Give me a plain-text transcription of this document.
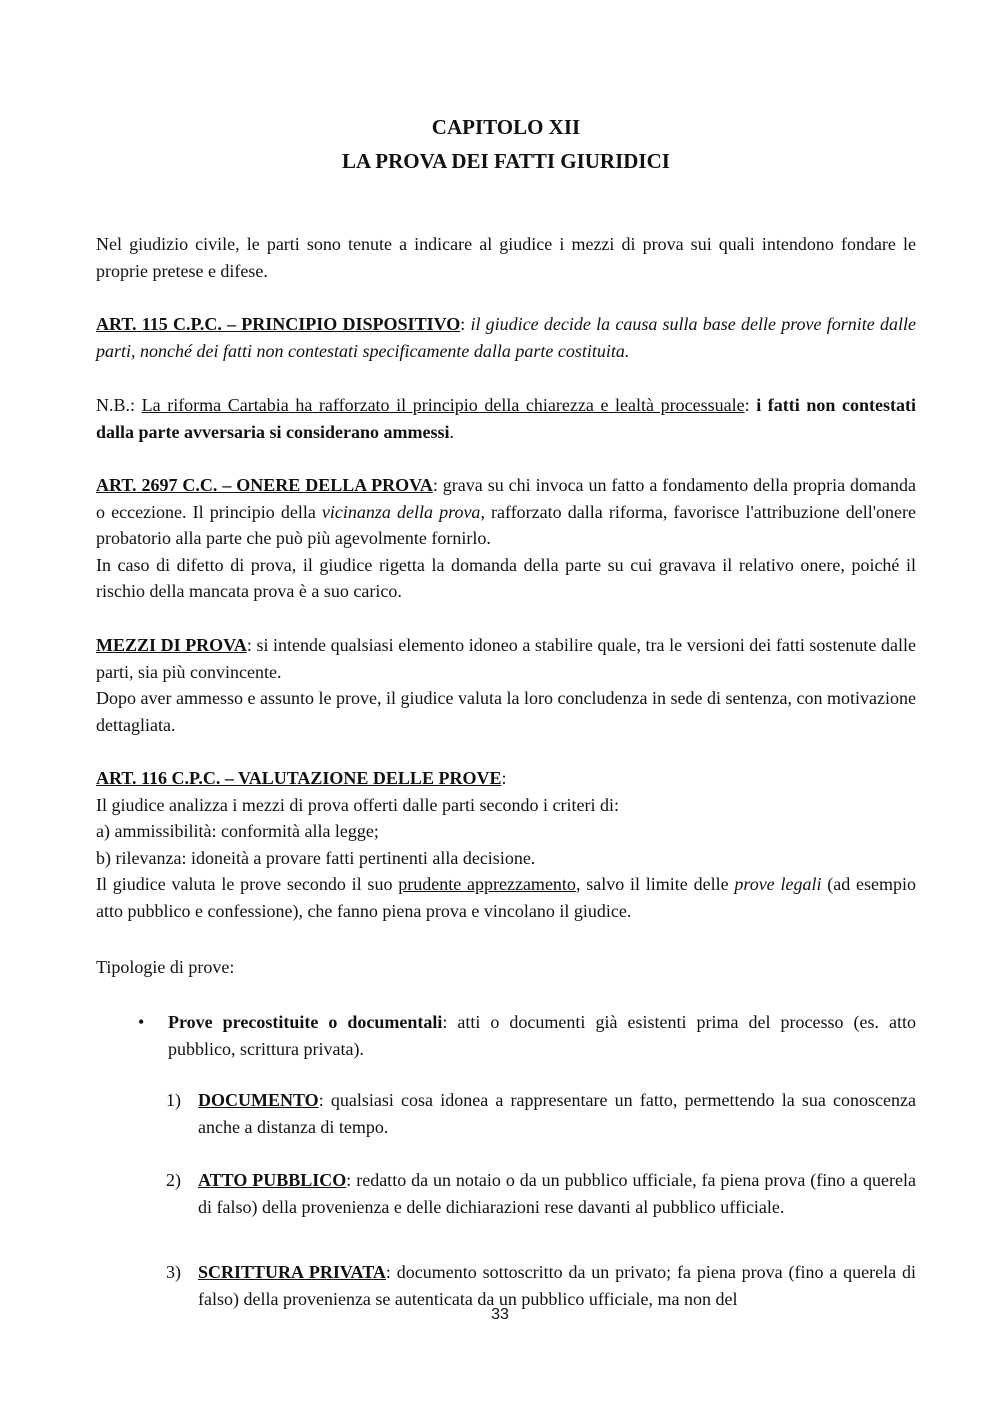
CAPITOLO XII
LA PROVA DEI FATTI GIURIDICI

Nel giudizio civile, le parti sono tenute a indicare al giudice i mezzi di prova sui quali intendono fondare le proprie pretese e difese.

ART. 115 C.P.C. – PRINCIPIO DISPOSITIVO: il giudice decide la causa sulla base delle prove fornite dalle parti, nonché dei fatti non contestati specificamente dalla parte costituita.

N.B.: La riforma Cartabia ha rafforzato il principio della chiarezza e lealtà processuale: i fatti non contestati dalla parte avversaria si considerano ammessi.

ART. 2697 C.C. – ONERE DELLA PROVA: grava su chi invoca un fatto a fondamento della propria domanda o eccezione. Il principio della vicinanza della prova, rafforzato dalla riforma, favorisce l'attribuzione dell'onere probatorio alla parte che può più agevolmente fornirlo.

In caso di difetto di prova, il giudice rigetta la domanda della parte su cui gravava il relativo onere, poiché il rischio della mancata prova è a suo carico.

MEZZI DI PROVA: si intende qualsiasi elemento idoneo a stabilire quale, tra le versioni dei fatti sostenute dalle parti, sia più convincente.

Dopo aver ammesso e assunto le prove, il giudice valuta la loro concludenza in sede di sentenza, con motivazione dettagliata.

ART. 116 C.P.C. – VALUTAZIONE DELLE PROVE:

Il giudice analizza i mezzi di prova offerti dalle parti secondo i criteri di:

a) ammissibilità: conformità alla legge;

b) rilevanza: idoneità a provare fatti pertinenti alla decisione.

Il giudice valuta le prove secondo il suo prudente apprezzamento, salvo il limite delle prove legali (ad esempio atto pubblico e confessione), che fanno piena prova e vincolano il giudice.

Tipologie di prove:

• Prove precostituite o documentali: atti o documenti già esistenti prima del processo (es. atto pubblico, scrittura privata).
1) DOCUMENTO: qualsiasi cosa idonea a rappresentare un fatto, permettendo la sua conoscenza anche a distanza di tempo.
2) ATTO PUBBLICO: redatto da un notaio o da un pubblico ufficiale, fa piena prova (fino a querela di falso) della provenienza e delle dichiarazioni rese davanti al pubblico ufficiale.
3) SCRITTURA PRIVATA: documento sottoscritto da un privato; fa piena prova (fino a querela di falso) della provenienza se autenticata da un pubblico ufficiale, ma non del
33
